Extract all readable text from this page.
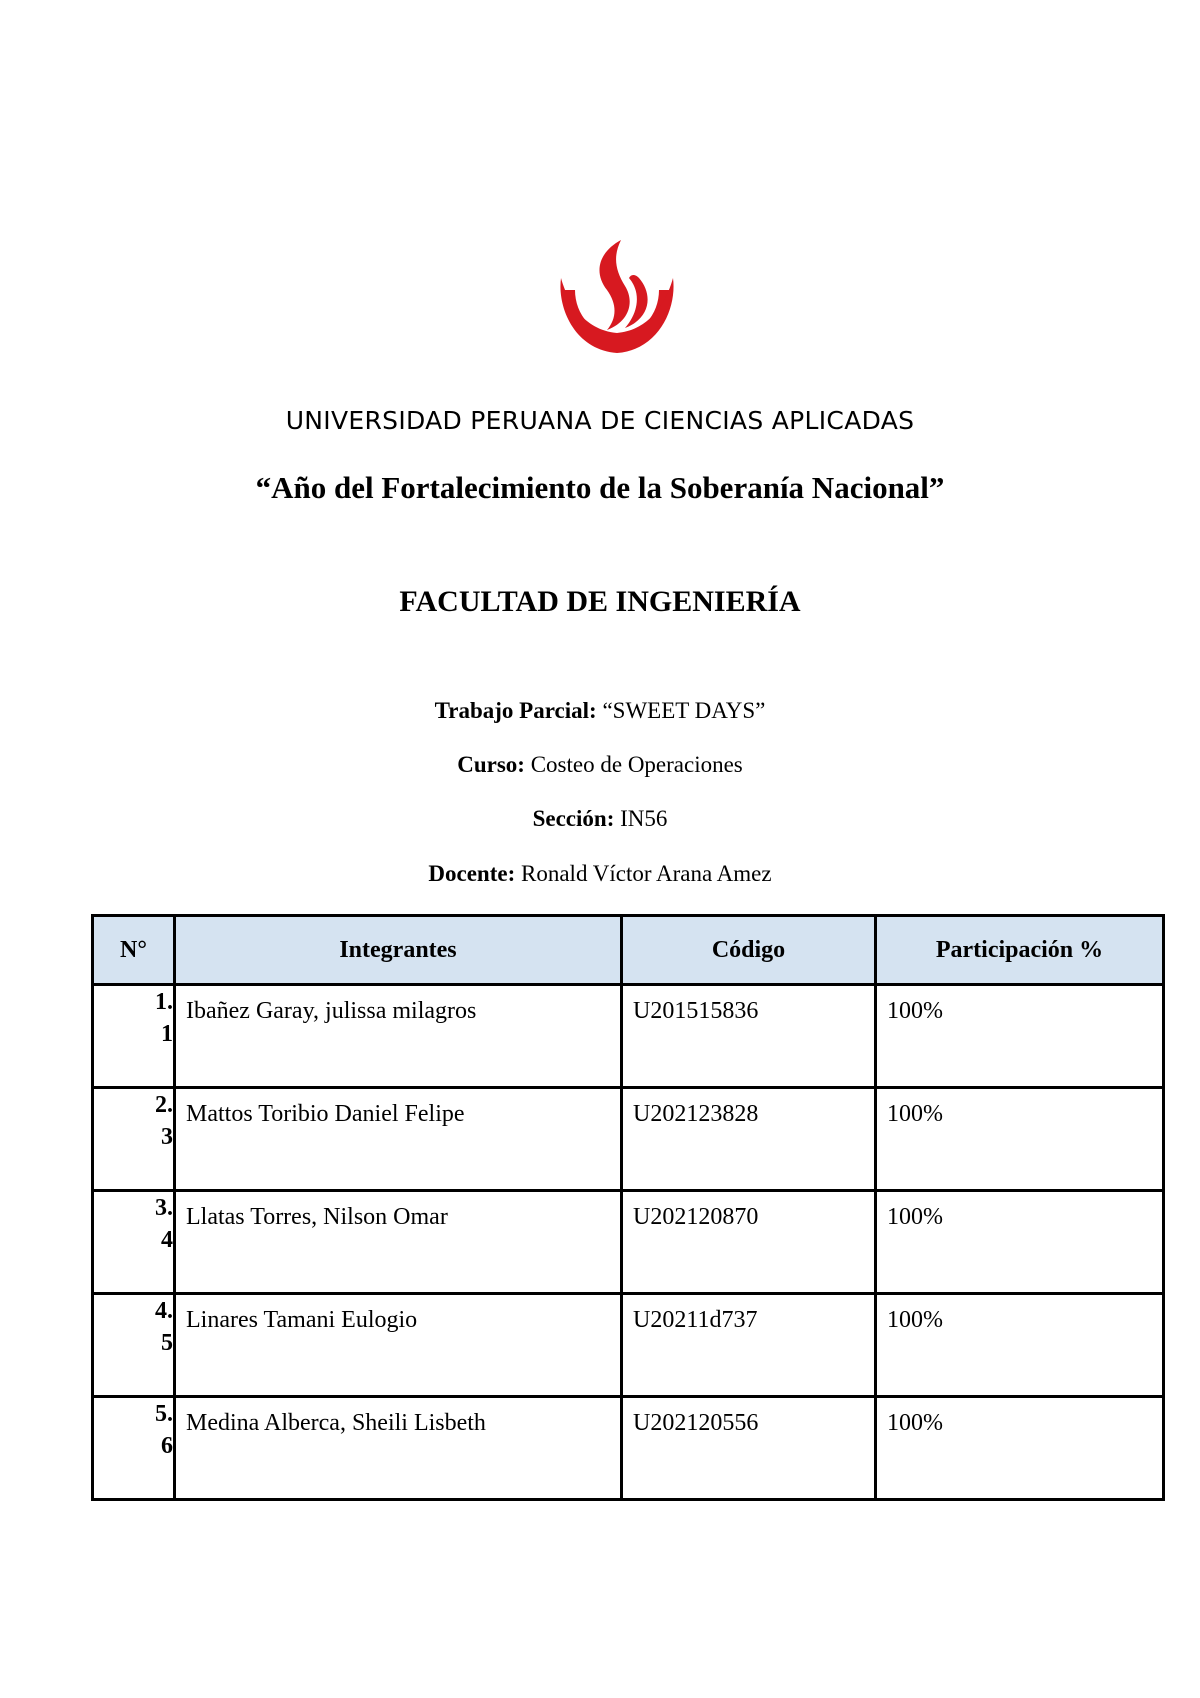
UNIVERSIDAD PERUANA DE CIENCIAS APLICADAS
“Año del Fortalecimiento de la Soberanía Nacional”
FACULTAD DE INGENIERÍA
Trabajo Parcial: “SWEET DAYS”
Curso: Costeo de Operaciones
Sección: IN56
Docente: Ronald Víctor Arana Amez
N°	Integrantes	Código	Participación %

1.
1	Ibañez Garay, julissa milagros	U201515836	100%

2.
3	Mattos Toribio Daniel Felipe	U202123828	100%

3.
4	Llatas Torres, Nilson Omar	U202120870	100%

4.
5	Linares Tamani Eulogio	U20211d737	100%

5.
6	Medina Alberca, Sheili Lisbeth	U202120556	100%
